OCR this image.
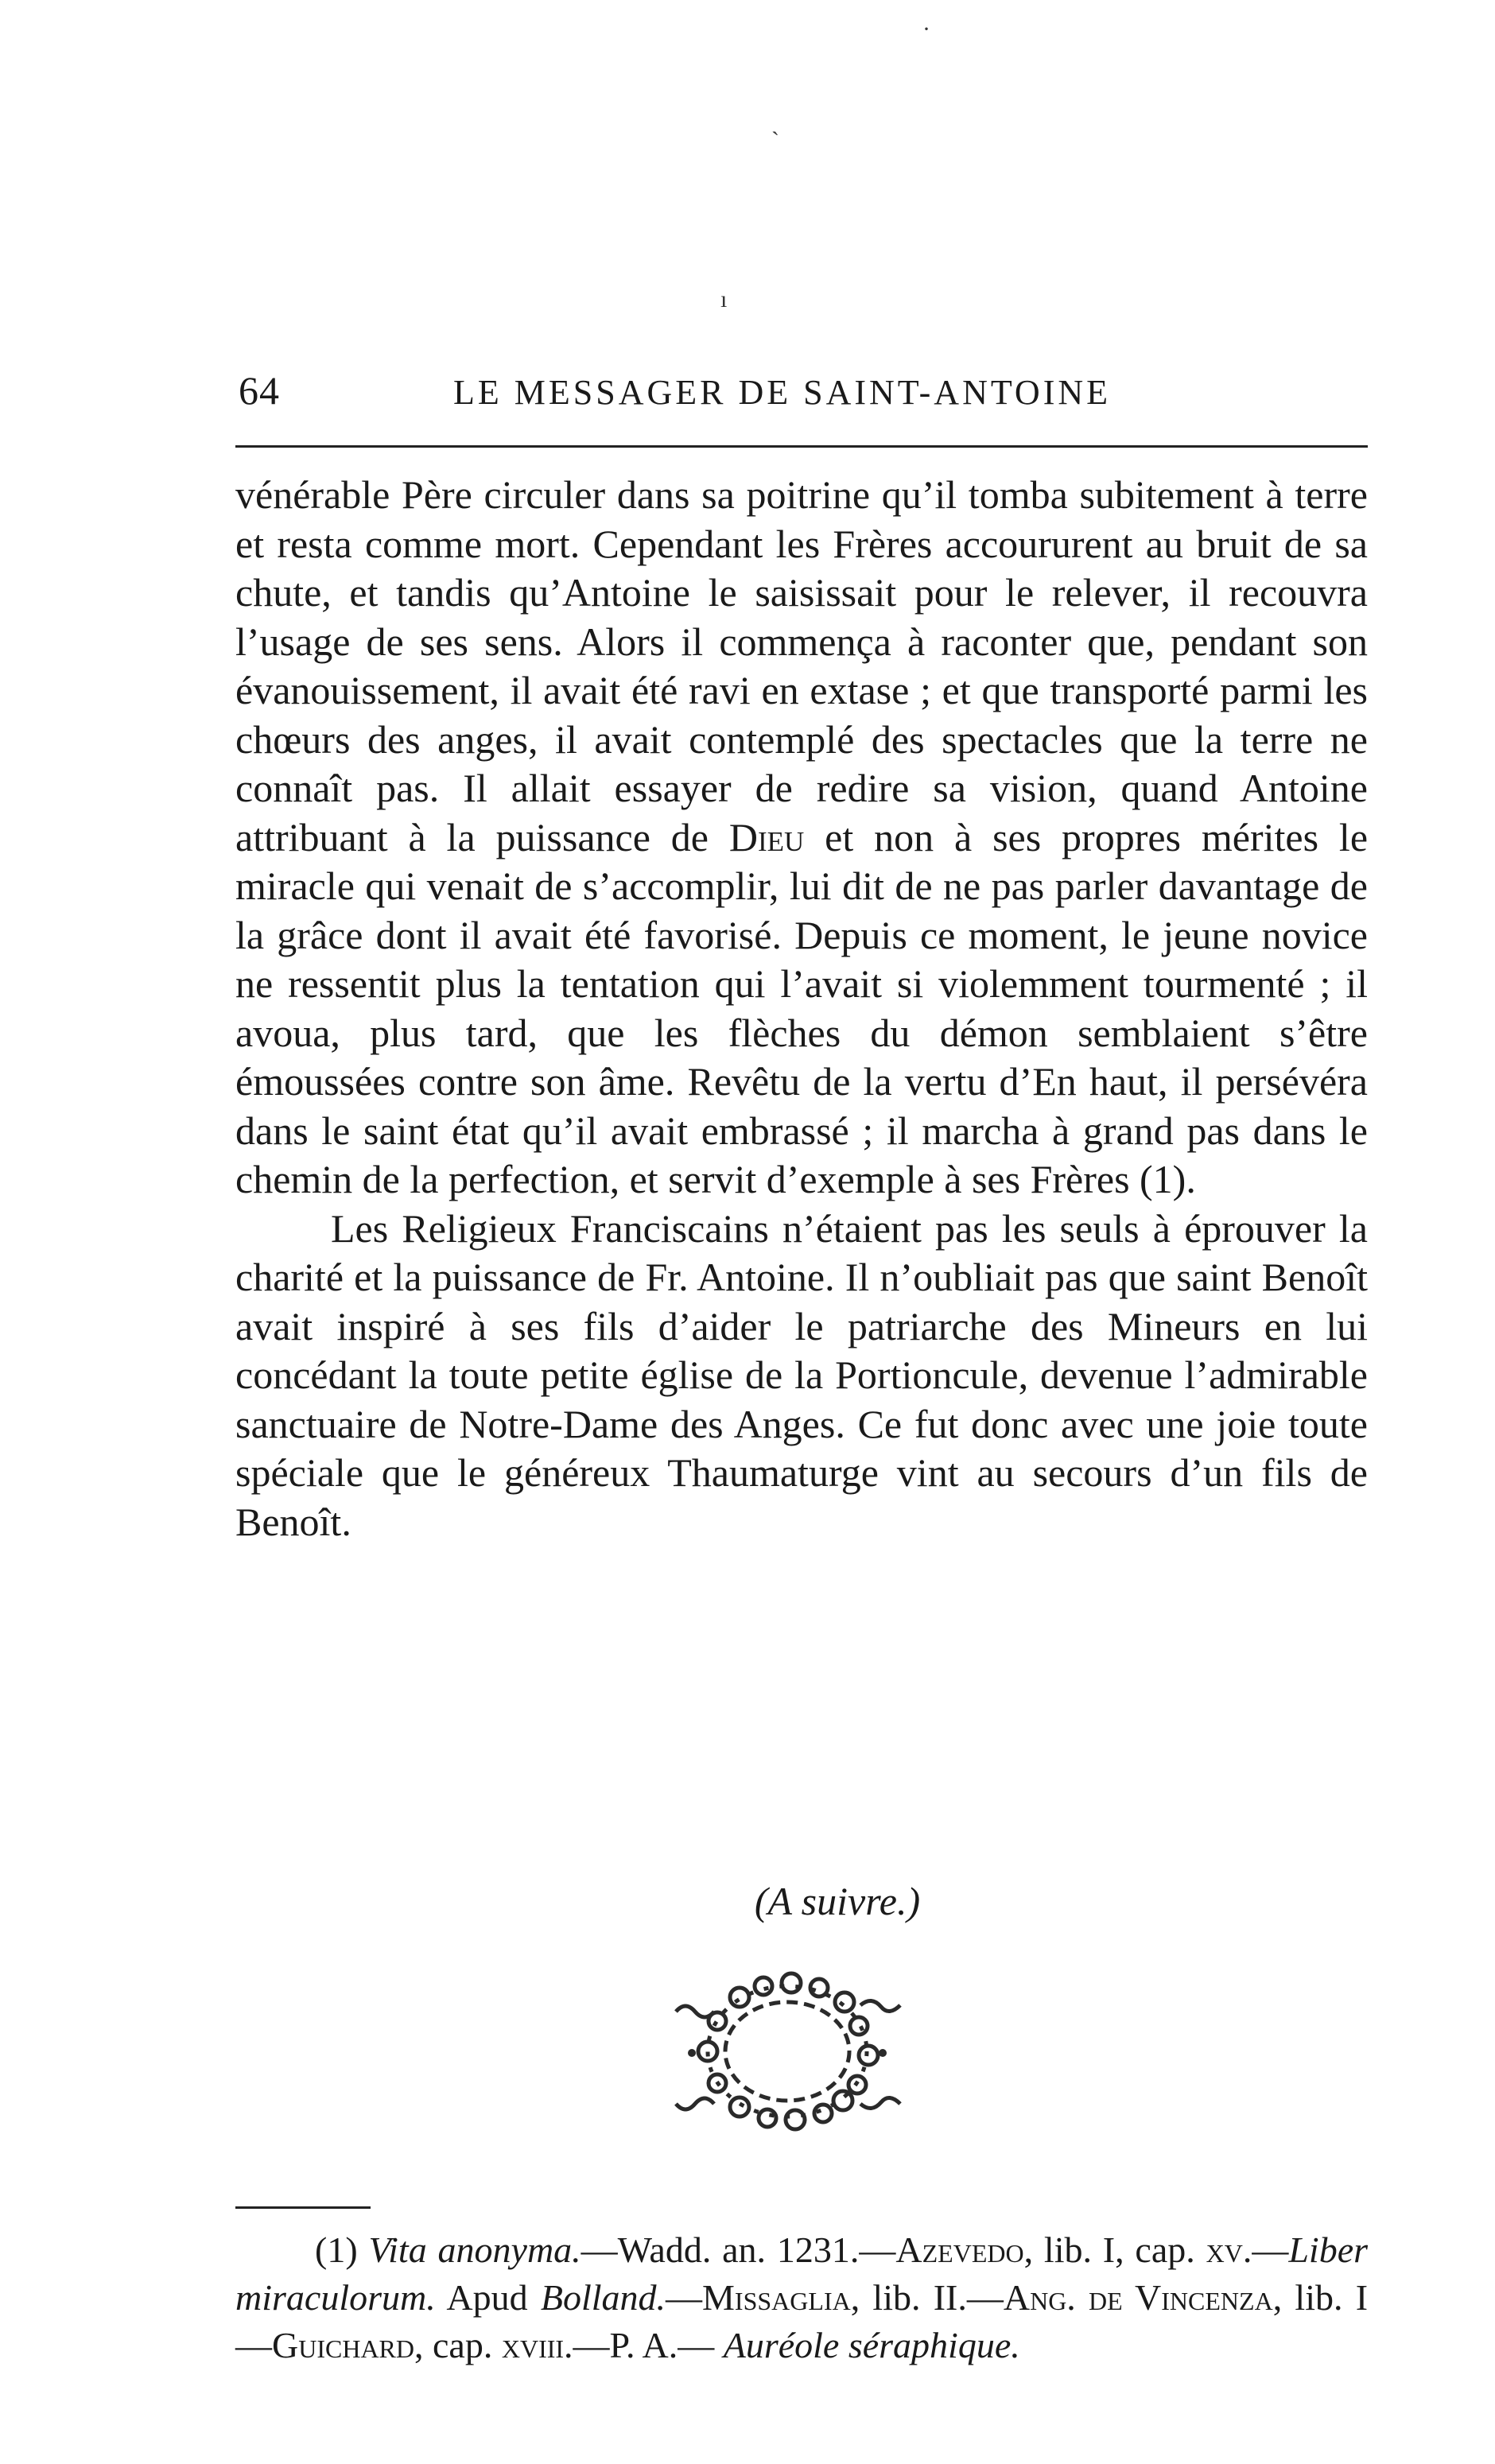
·
ˋ
ı
64	LE MESSAGER DE SAINT-ANTOINE

vénérable Père circuler dans sa poitrine qu’il tomba subitement à terre et resta comme mort. Cependant les Frères accoururent au bruit de sa chute, et tandis qu’Antoine le saisissait pour le relever, il recouvra l’usage de ses sens. Alors il commença à raconter que, pendant son évanouissement, il avait été ravi en extase ; et que transporté parmi les chœurs des anges, il avait contemplé des spectacles que la terre ne connaît pas. Il allait essayer de redire sa vision, quand Antoine attribuant à la puissance de Dieu et non à ses propres mérites le miracle qui venait de s’accomplir, lui dit de ne pas parler davantage de la grâce dont il avait été favorisé. Depuis ce moment, le jeune novice ne ressentit plus la tentation qui l’avait si violemment tourmenté ; il avoua, plus tard, que les flèches du démon semblaient s’être émoussées contre son âme. Revêtu de la vertu d’En haut, il persévéra dans le saint état qu’il avait embrassé ; il marcha à grand pas dans le chemin de la perfection, et servit d’exemple à ses Frères (1).

Les Religieux Franciscains n’étaient pas les seuls à éprouver la charité et la puissance de Fr. Antoine. Il n’oubliait pas que saint Benoît avait inspiré à ses fils d’aider le patriarche des Mineurs en lui concédant la toute petite église de la Portioncule, devenue l’admirable sanctuaire de Notre-Dame des Anges. Ce fut donc avec une joie toute spéciale que le généreux Thaumaturge vint au secours d’un fils de Benoît.

(A suivre.)
(1) Vita anonyma.—Wadd. an. 1231.—Azevedo, lib. I, cap. xv.—Liber miraculorum. Apud Bolland.—Missaglia, lib. II.—Ang. de Vincenza, lib. I —Guichard, cap. xviii.—P. A.— Auréole séraphique.
